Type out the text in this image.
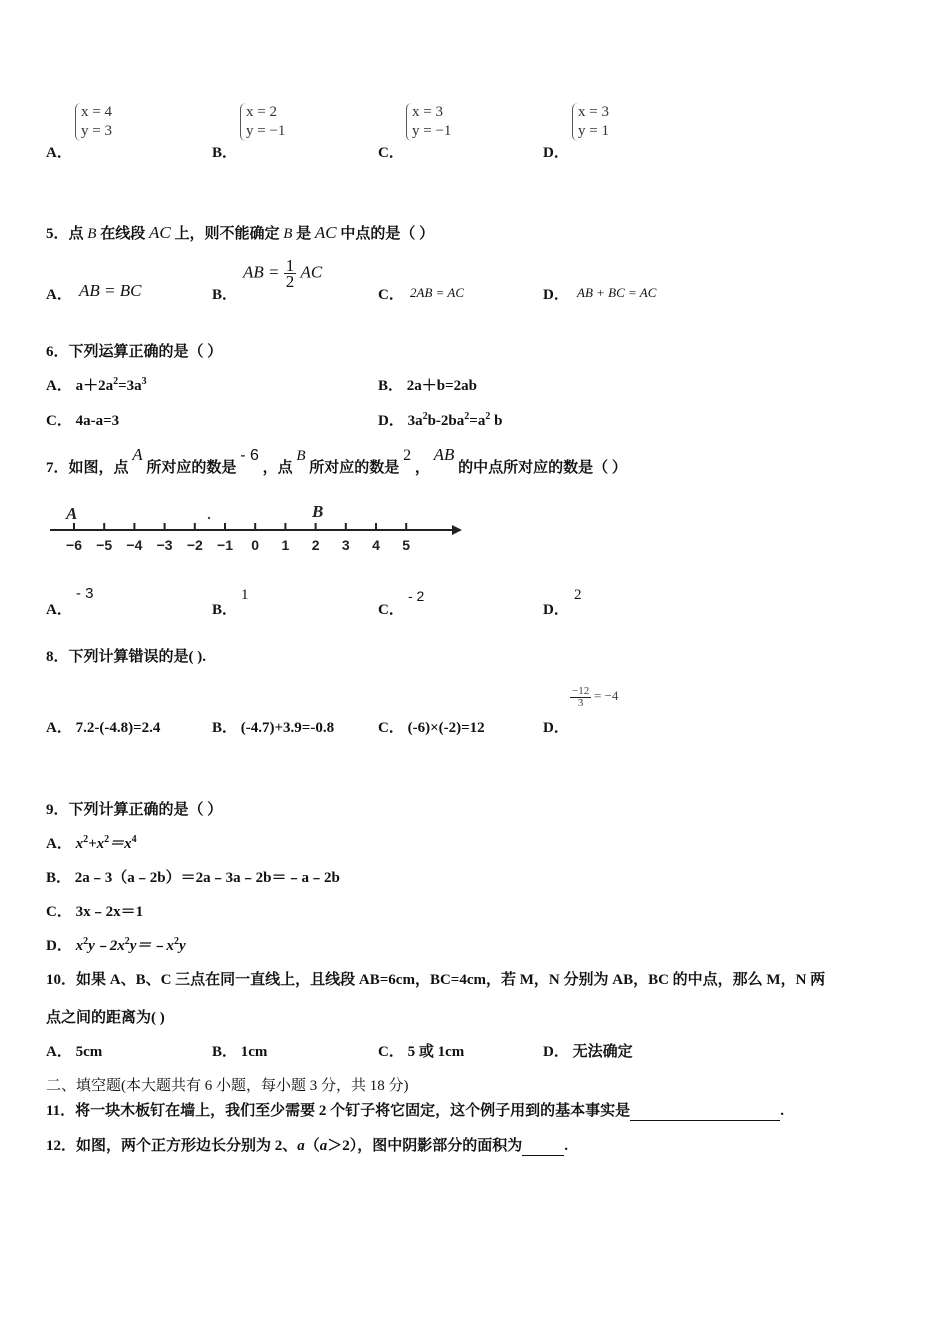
A．
x = 4
y = 3
B．
x = 2
y = −1
C．
x = 3
y = −1
D．
x = 3
y = 1
5．点 B 在线段 AC 上，则不能确定 B 是 AC 中点的是（ ）
A． AB = BC	B．
AB = $\frac{1}{2}$ AC
C． 2AB = AC	D． AB + BC = AC
6．下列运算正确的是（ ）
A． $a+2a^2=3a^3$	B． 2a＋b=2ab
C． 4a-a=3	D． $3a^2b-2ba^2=a^2$ b
7．如图，点 A 所对应的数是 - 6 ，点 B 所对应的数是 2 ， AB 的中点所对应的数是（ ）
−6 −5 −4 −3 −2 −1 0 1 2 3 4 5
A	B
A．
- 3
B．
1
C．
- 2
D．
2
8．下列计算错误的是( ).
A． 7.2-(-4.8)=2.4	B． (-4.7)+3.9=-0.8	C． (-6)×(-2)=12	D．
$\frac{-12}{3} = -4$
9．下列计算正确的是（ ）
A． $x^2+x^2=x^4$
B． 2a﹣3（a﹣2b）＝2a﹣3a﹣2b＝﹣a﹣2b
C． 3x﹣2x＝1
D． $x^2y﹣2x^2y=﹣x^2y$
10．如果 A、B、C 三点在同一直线上，且线段 AB=6cm，BC=4cm，若 M，N 分别为 AB，BC 的中点，那么 M，N 两
点之间的距离为( )
A． 5cm	B． 1cm	C． 5 或 1cm	D． 无法确定
二、填空题(本大题共有 6 小题，每小题 3 分，共 18 分)
11．将一块木板钉在墙上，我们至少需要 2 个钉子将它固定，这个例子用到的基本事实是	.
12．如图，两个正方形边长分别为 2、a（a＞2），图中阴影部分的面积为	.
